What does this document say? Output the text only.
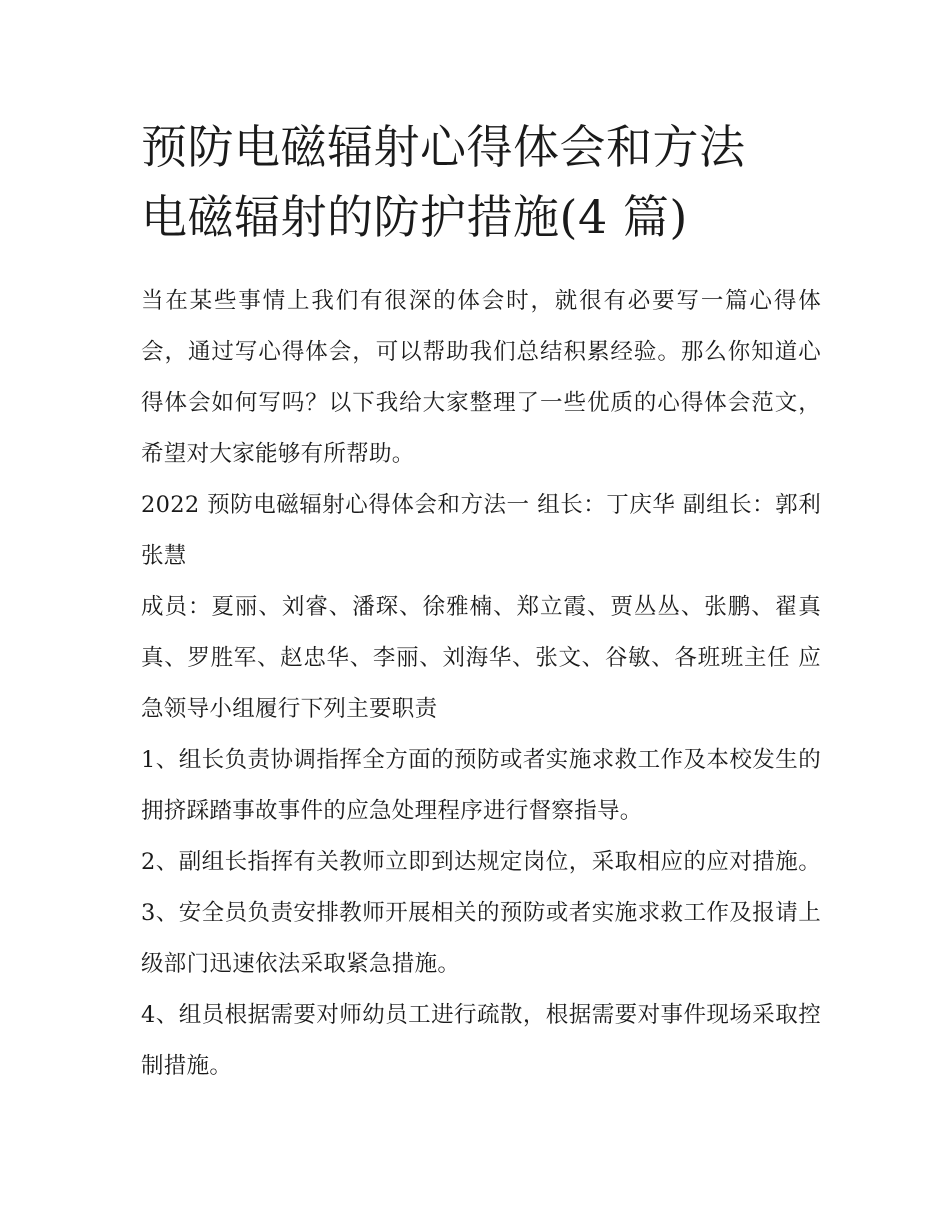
预防电磁辐射心得体会和方法
电磁辐射的防护措施(4 篇)

当在某些事情上我们有很深的体会时，就很有必要写一篇心得体会，通过写心得体会，可以帮助我们总结积累经验。那么你知道心得体会如何写吗？以下我给大家整理了一些优质的心得体会范文，希望对大家能够有所帮助。

2022 预防电磁辐射心得体会和方法一 组长：丁庆华 副组长：郭利张慧

成员：夏丽、刘睿、潘琛、徐雅楠、郑立霞、贾丛丛、张鹏、翟真真、罗胜军、赵忠华、李丽、刘海华、张文、谷敏、各班班主任 应急领导小组履行下列主要职责

1、组长负责协调指挥全方面的预防或者实施求救工作及本校发生的拥挤踩踏事故事件的应急处理程序进行督察指导。

2、副组长指挥有关教师立即到达规定岗位，采取相应的应对措施。 3、安全员负责安排教师开展相关的预防或者实施求救工作及报请上级部门迅速依法采取紧急措施。

4、组员根据需要对师幼员工进行疏散，根据需要对事件现场采取控制措施。
